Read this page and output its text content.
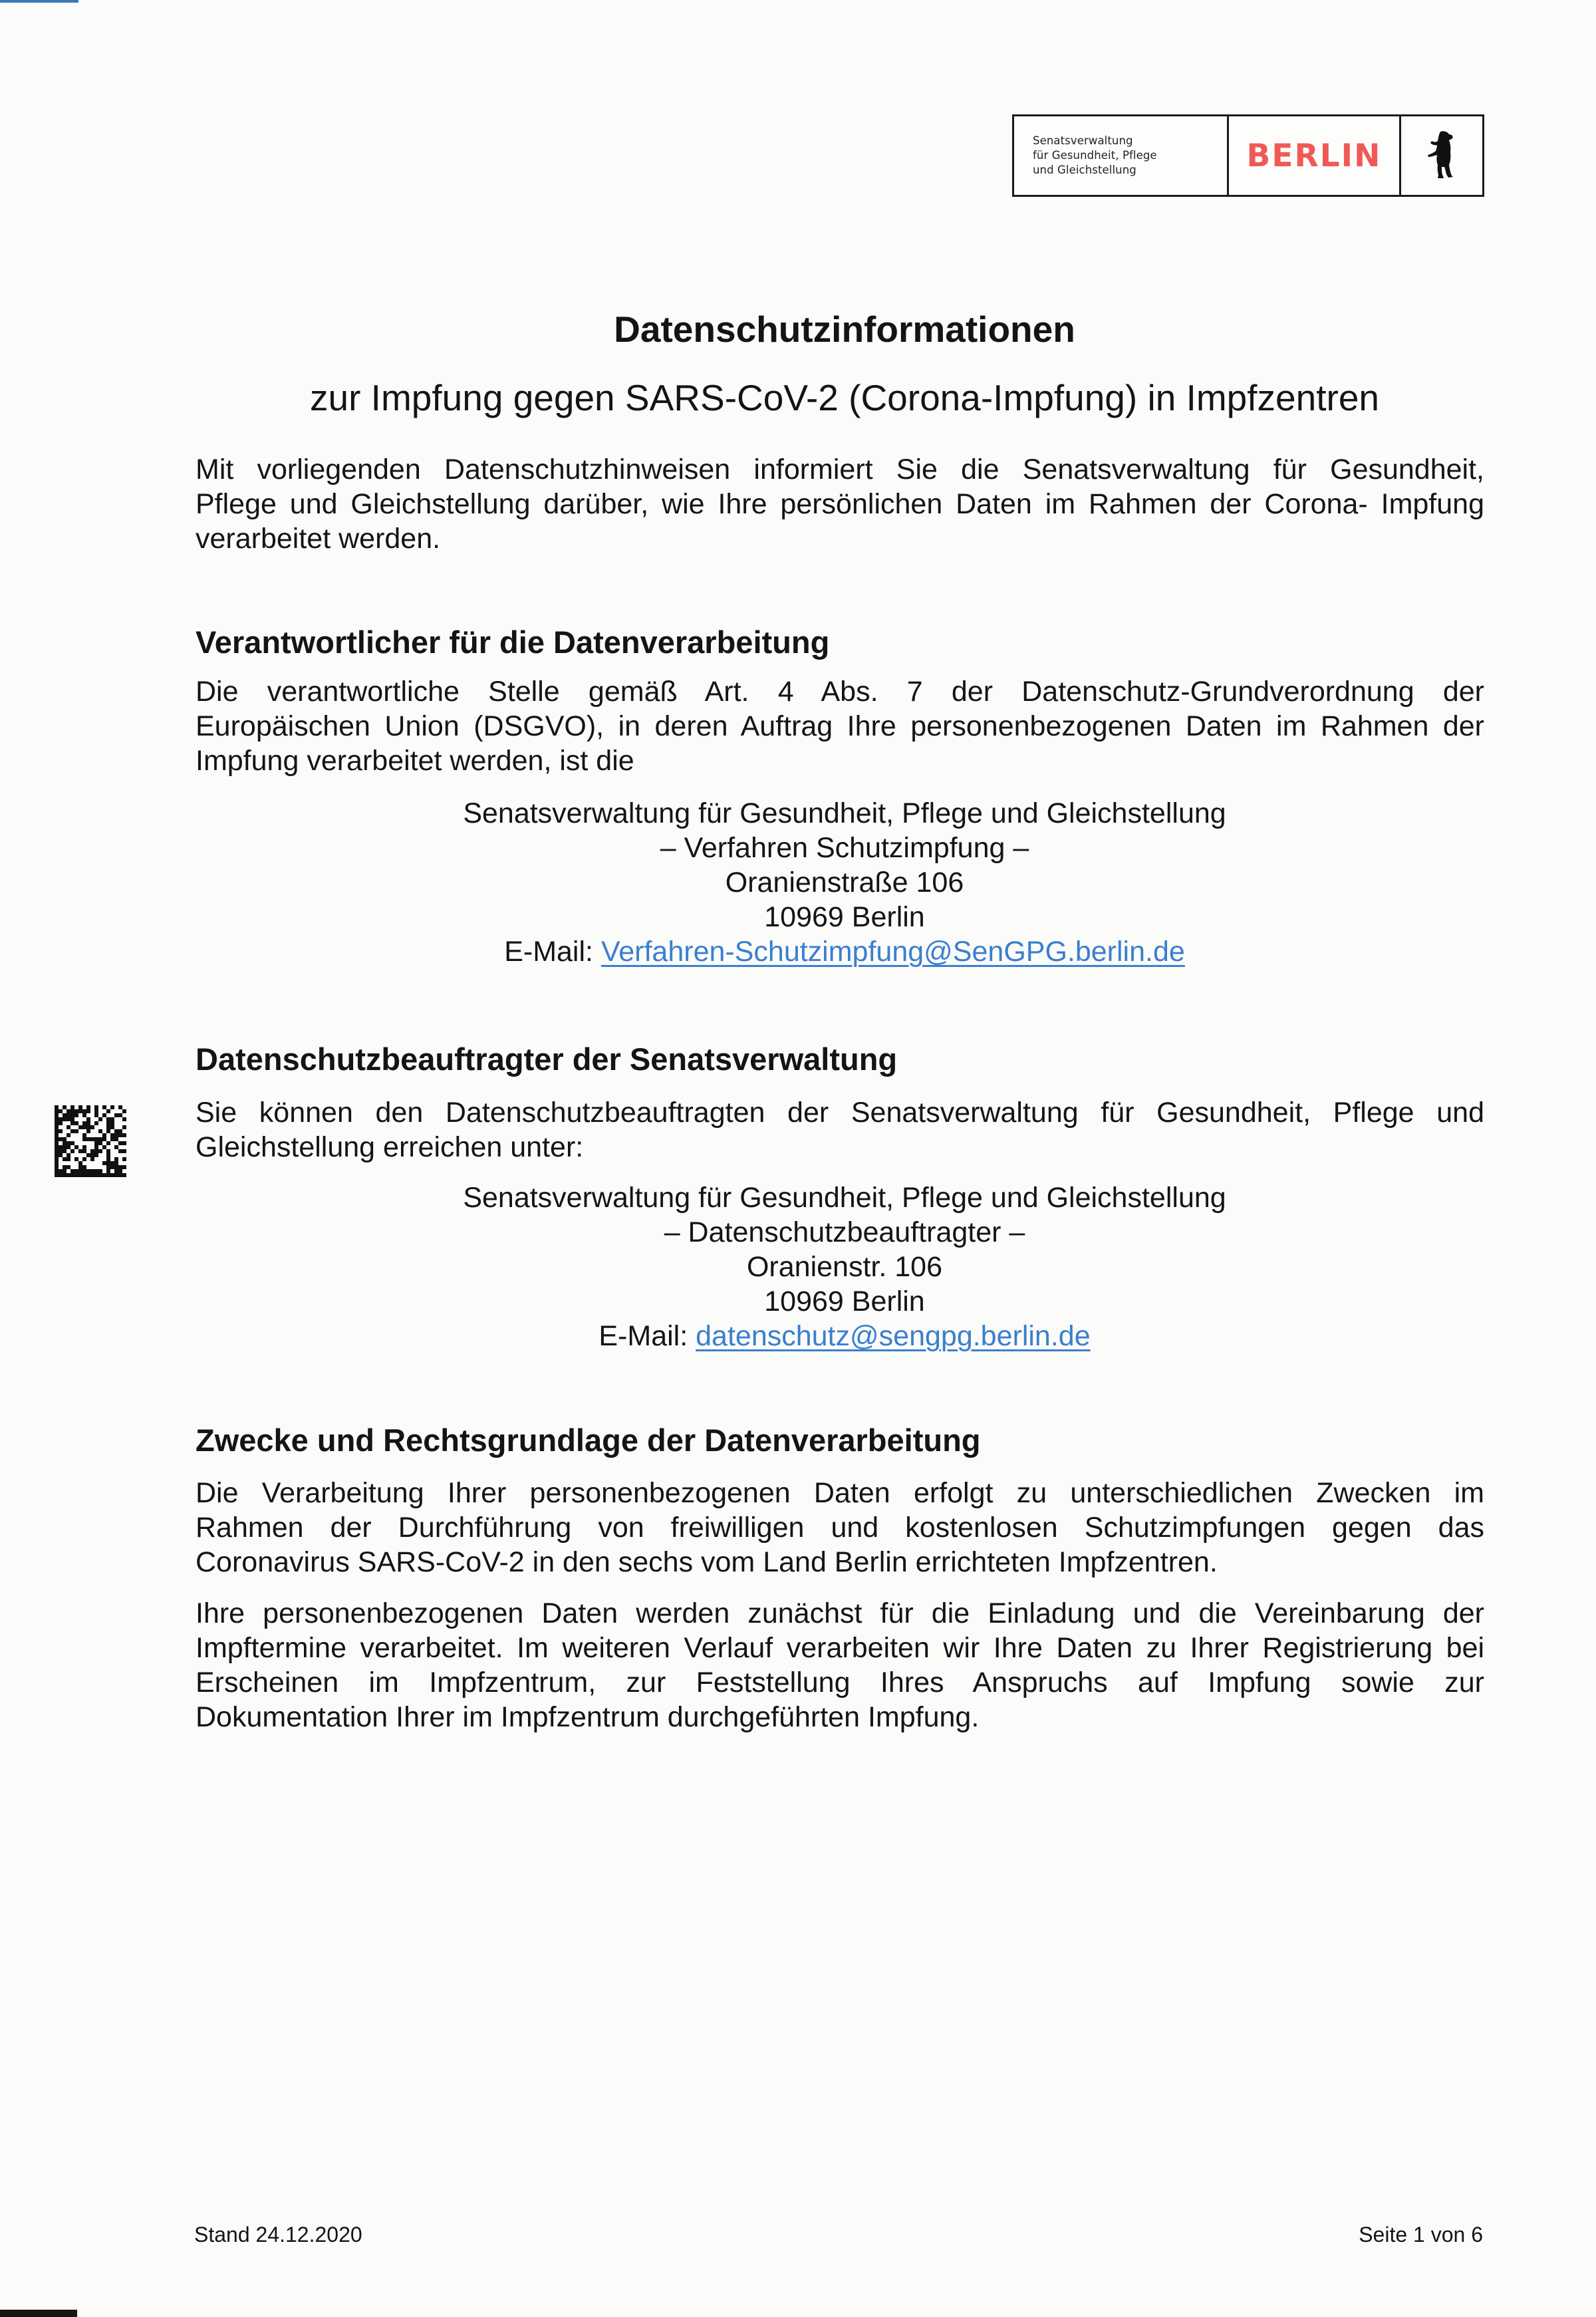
Senatsverwaltung
für Gesundheit, Pflege
und Gleichstellung	BERLIN
Datenschutzinformationen
zur Impfung gegen SARS-CoV-2 (Corona-Impfung) in Impfzentren
Mit vorliegenden Datenschutzhinweisen informiert Sie die Senatsverwaltung für Gesundheit,
Pflege und Gleichstellung darüber, wie Ihre persönlichen Daten im Rahmen der Corona- Impfung
verarbeitet werden.
Verantwortlicher für die Datenverarbeitung
Die verantwortliche Stelle gemäß Art. 4 Abs. 7 der Datenschutz-Grundverordnung der
Europäischen Union (DSGVO), in deren Auftrag Ihre personenbezogenen Daten im Rahmen der
Impfung verarbeitet werden, ist die
Senatsverwaltung für Gesundheit, Pflege und Gleichstellung
– Verfahren Schutzimpfung –
Oranienstraße 106
10969 Berlin
E-Mail: Verfahren-Schutzimpfung@SenGPG.berlin.de
Datenschutzbeauftragter der Senatsverwaltung
Sie können den Datenschutzbeauftragten der Senatsverwaltung für Gesundheit, Pflege und
Gleichstellung erreichen unter:
Senatsverwaltung für Gesundheit, Pflege und Gleichstellung
– Datenschutzbeauftragter –
Oranienstr. 106
10969 Berlin
E-Mail: datenschutz@sengpg.berlin.de
Zwecke und Rechtsgrundlage der Datenverarbeitung
Die Verarbeitung Ihrer personenbezogenen Daten erfolgt zu unterschiedlichen Zwecken im
Rahmen der Durchführung von freiwilligen und kostenlosen Schutzimpfungen gegen das
Coronavirus SARS-CoV-2 in den sechs vom Land Berlin errichteten Impfzentren.
Ihre personenbezogenen Daten werden zunächst für die Einladung und die Vereinbarung der
Impftermine verarbeitet. Im weiteren Verlauf verarbeiten wir Ihre Daten zu Ihrer Registrierung bei
Erscheinen im Impfzentrum, zur Feststellung Ihres Anspruchs auf Impfung sowie zur
Dokumentation Ihrer im Impfzentrum durchgeführten Impfung.
Stand 24.12.2020	Seite 1 von 6
